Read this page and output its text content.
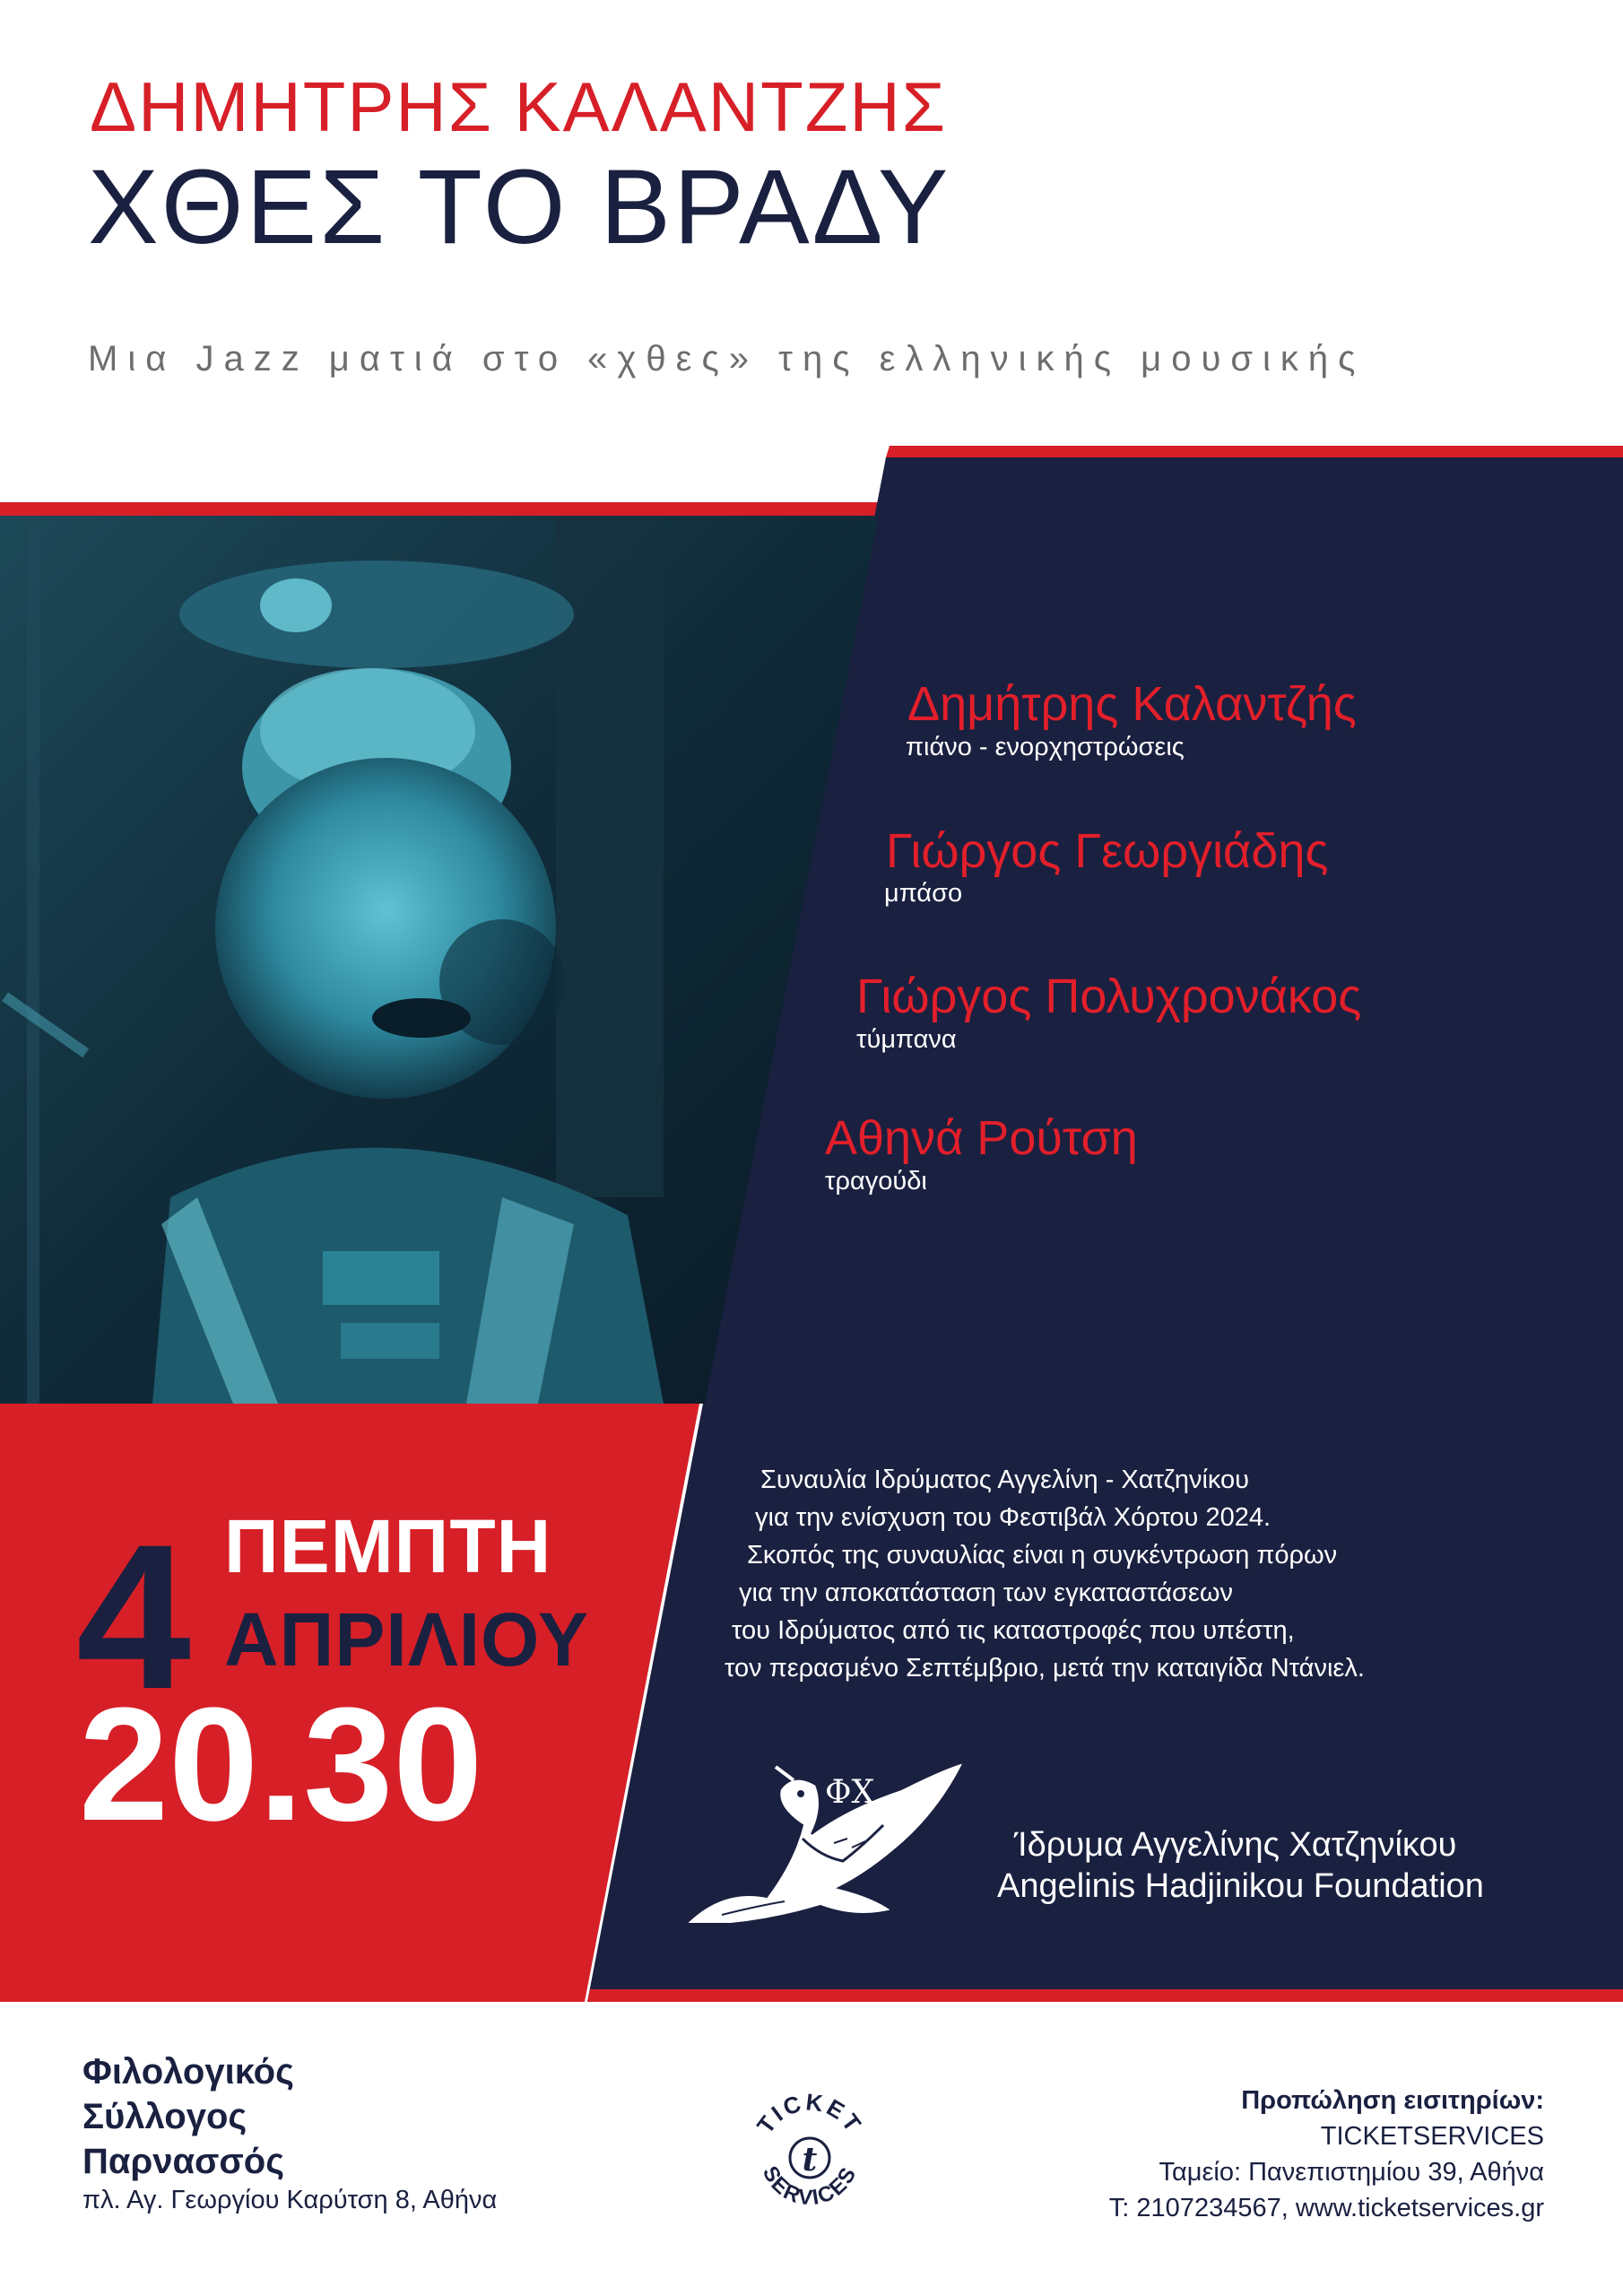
ΔΗΜΗΤΡΗΣ ΚΑΛΑΝΤΖΗΣ
ΧΘΕΣ ΤΟ ΒΡΑΔΥ
Μια Jazz ματιά στο «χθες» της ελληνικής μουσικής
Δημήτρης Καλαντζής
πιάνο - ενορχηστρώσεις
Γιώργος Γεωργιάδης
μπάσο
Γιώργος Πολυχρονάκος
τύμπανα
Αθηνά Ρούτση
τραγούδι
4 ΠΕΜΠΤΗ
ΑΠΡΙΛΙΟΥ
20.30
Συναυλία Ιδρύματος Αγγελίνη - Χατζηνίκου
για την ενίσχυση του Φεστιβάλ Χόρτου 2024.
Σκοπός της συναυλίας είναι η συγκέντρωση πόρων
για την αποκατάσταση των εγκαταστάσεων
του Ιδρύματος από τις καταστροφές που υπέστη,
τον περασμένο Σεπτέμβριο, μετά την καταιγίδα Ντάνιελ.
ΦΧ
Ίδρυμα Αγγελίνης Χατζηνίκου
Angelinis Hadjinikou Foundation
Φιλολογικός
Σύλλογος
Παρνασσός
πλ. Αγ. Γεωργίου Καρύτση 8, Αθήνα
TICKET
SERVICES
t
Προπώληση εισιτηρίων:
TICKETSERVICES
Ταμείο: Πανεπιστημίου 39, Αθήνα
Τ: 2107234567, www.ticketservices.gr
